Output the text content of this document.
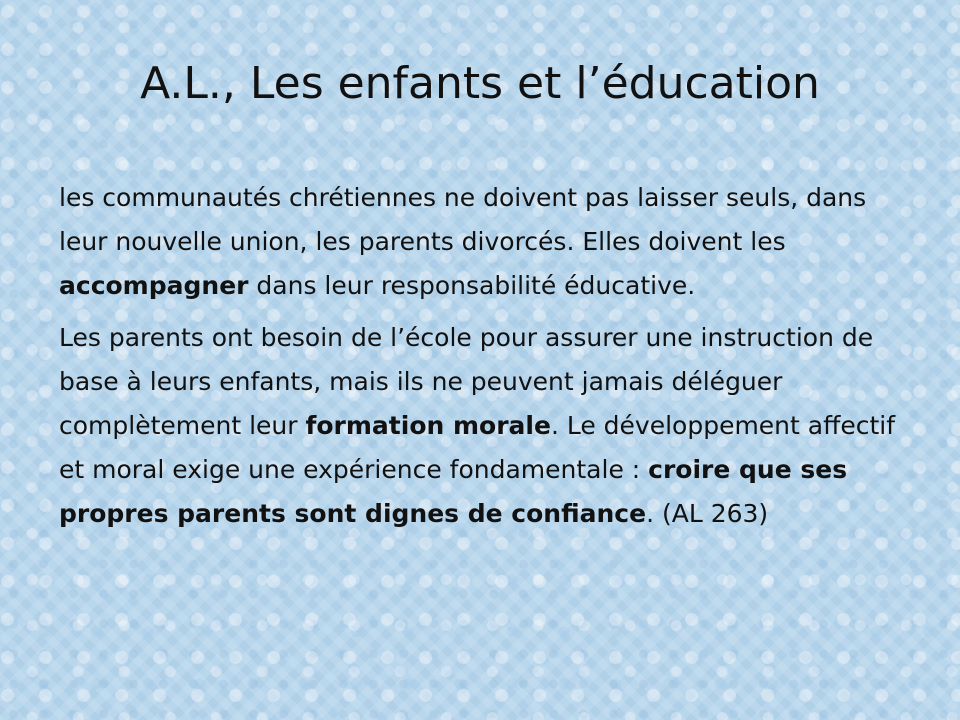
A.L., Les enfants et l’éducation

les communautés chrétiennes ne doivent pas laisser seuls, dans leur nouvelle union, les parents divorcés. Elles doivent les accompagner dans leur responsabilité éducative.

Les parents ont besoin de l’école pour assurer une instruction de base à leurs enfants, mais ils ne peuvent jamais déléguer complètement leur formation morale. Le développement affectif et moral exige une expérience fondamentale : croire que ses propres parents sont dignes de confiance. (AL 263)
